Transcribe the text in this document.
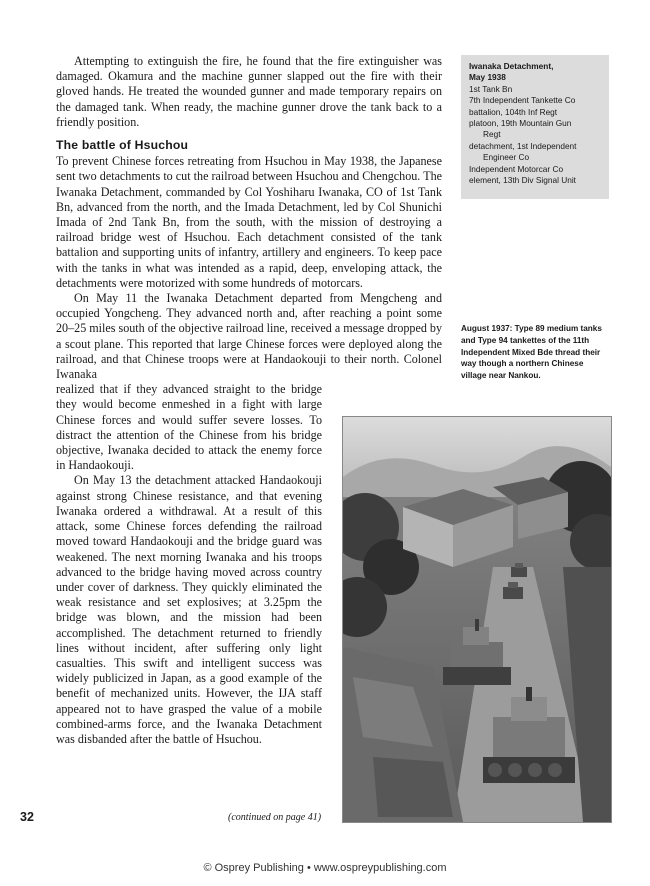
Attempting to extinguish the fire, he found that the fire extinguisher was damaged. Okamura and the machine gunner slapped out the fire with their gloved hands. He treated the wounded gunner and made temporary repairs on the damaged tank. When ready, the machine gunner drove the tank back to a friendly position.

The battle of Hsuchou

To prevent Chinese forces retreating from Hsuchou in May 1938, the Japanese sent two detachments to cut the railroad between Hsuchou and Chengchou. The Iwanaka Detachment, commanded by Col Yoshiharu Iwanaka, CO of 1st Tank Bn, advanced from the north, and the Imada Detachment, led by Col Shunichi Imada of 2nd Tank Bn, from the south, with the mission of destroying a railroad bridge west of Hsuchou. Each detachment consisted of the tank battalion and supporting units of infantry, artillery and engineers. To keep pace with the tanks in what was intended as a rapid, deep, enveloping attack, the detachments were motorized with some hundreds of motorcars.

On May 11 the Iwanaka Detachment departed from Mengcheng and occupied Yongcheng. They advanced north and, after reaching a point some 20–25 miles south of the objective railroad line, received a message dropped by a scout plane. This reported that large Chinese forces were deployed along the railroad, and that Chinese troops were at Handaokouji to their north. Colonel Iwanaka

realized that if they advanced straight to the bridge they would become enmeshed in a fight with large Chinese forces and would suffer severe losses. To distract the attention of the Chinese from his bridge objective, Iwanaka decided to attack the enemy force in Handaokouji.

On May 13 the detachment attacked Handaokouji against strong Chinese resistance, and that evening Iwanaka ordered a withdrawal. At a result of this attack, some Chinese forces defending the railroad moved toward Handaokouji and the bridge guard was weakened. The next morning Iwanaka and his troops advanced to the bridge having moved across country under cover of darkness. They quickly eliminated the weak resistance and set explosives; at 3.25pm the bridge was blown, and the mission had been accomplished. The detachment returned to friendly lines without incident, after suffering only light casualties. This swift and intelligent success was widely publicized in Japan, as a good example of the benefit of mechanized units. However, the IJA staff appeared not to have grasped the value of a mobile combined-arms force, and the Iwanaka Detachment was disbanded after the battle of Hsuchou.

Iwanaka Detachment,
May 1938
1st Tank Bn
7th Independent Tankette Co
battalion, 104th Inf Regt
platoon, 19th Mountain Gun
Regt
detachment, 1st Independent
Engineer Co
Independent Motorcar Co
element, 13th Div Signal Unit
August 1937: Type 89 medium tanks and Type 94 tankettes of the 11th Independent Mixed Bde thread their way though a northern Chinese village near Nankou.
32	(continued on page 41)
© Osprey Publishing • www.ospreypublishing.com
